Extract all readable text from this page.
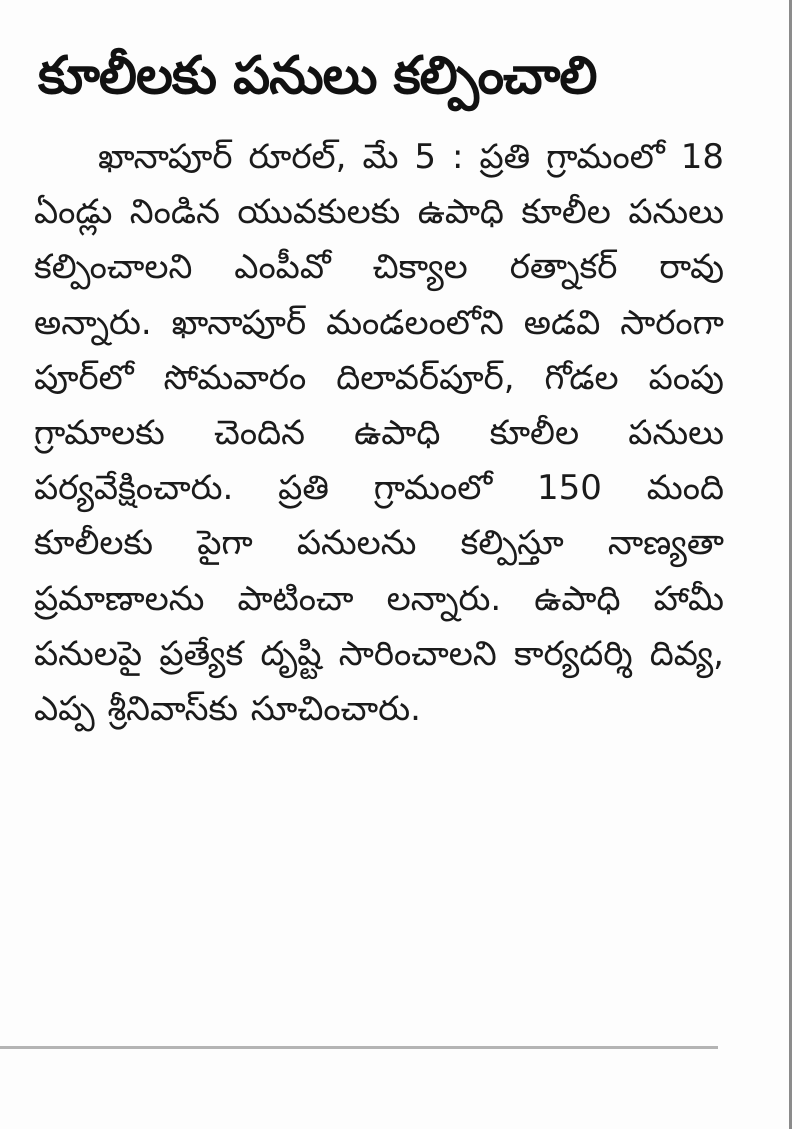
కూలీలకు పనులు కల్పించాలి

ఖానాపూర్ రూరల్, మే 5 : ప్రతి గ్రామంలో 18 ఏండ్లు నిండిన యువకులకు ఉపాధి కూలీల పనులు కల్పించాలని ఎంపీవో చిక్యాల రత్నాకర్ రావు అన్నారు. ఖానాపూర్ మండలంలోని అడవి సారంగా పూర్‌లో సోమవారం దిలావర్‌పూర్, గోడల పంపు గ్రామాలకు చెందిన ఉపాధి కూలీల పనులు పర్యవేక్షించారు. ప్రతి గ్రామంలో 150 మంది కూలీలకు పైగా పనులను కల్పిస్తూ నాణ్యతా ప్రమాణాలను పాటించా లన్నారు. ఉపాధి హామీ పనులపై ప్రత్యేక దృష్టి సారించాలని కార్యదర్శి దివ్య, ఎప్ప శ్రీనివాస్‌కు సూచించారు.
